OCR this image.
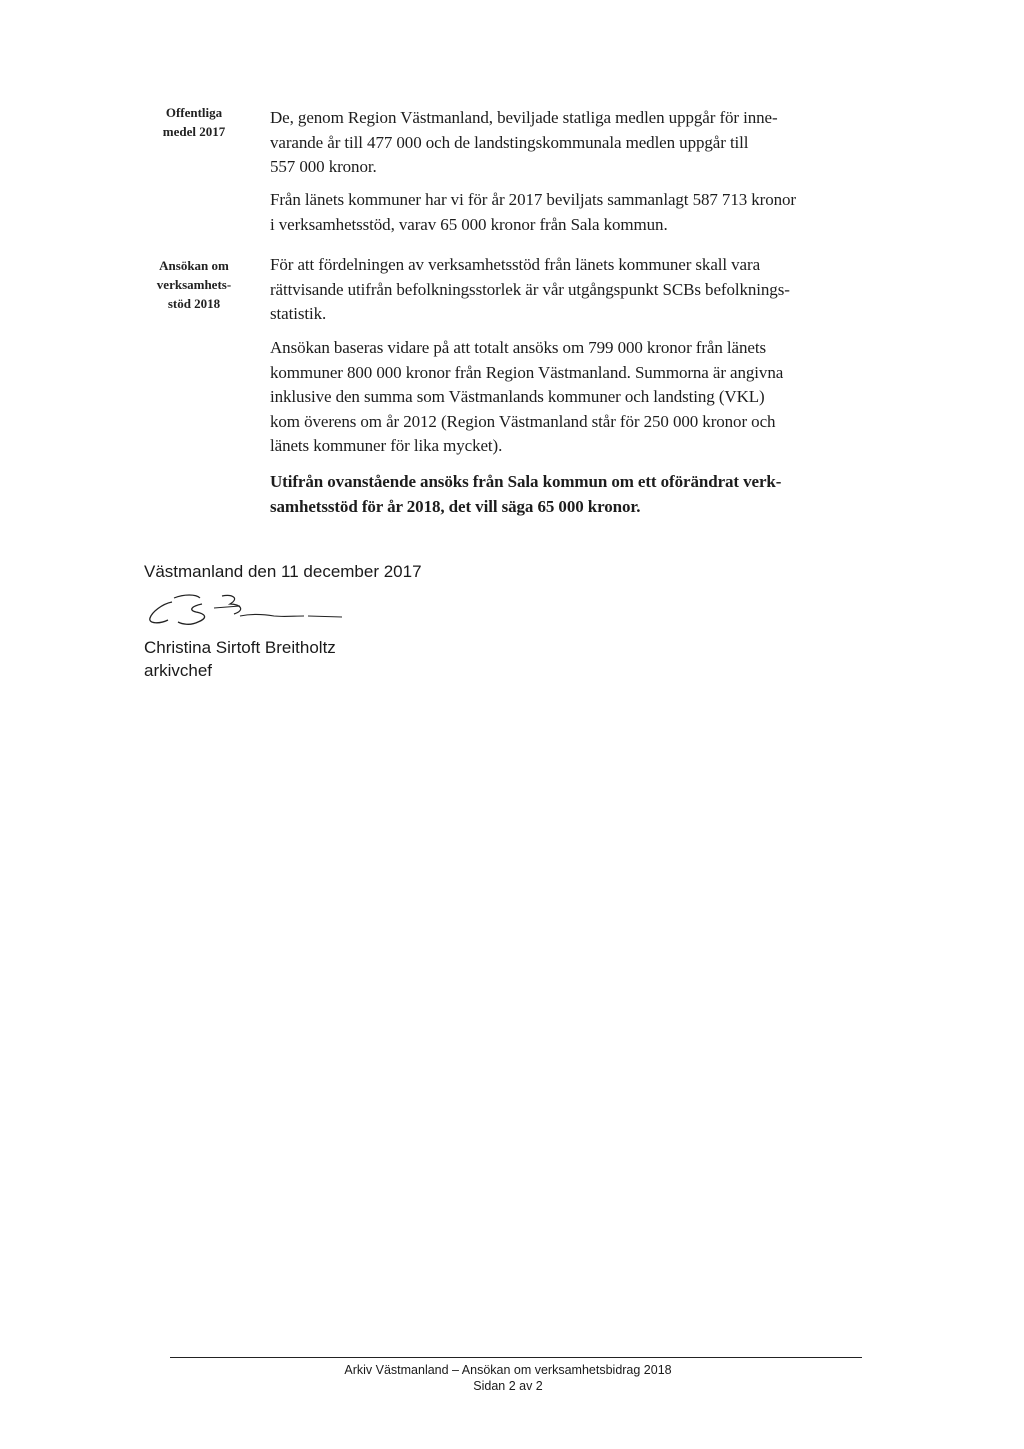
Offentliga
medel 2017
Ansökan om
verksamhets-
stöd 2018
De, genom Region Västmanland, beviljade statliga medlen uppgår för inne-
varande år till 477 000 och de landstingskommunala medlen uppgår till
557 000 kronor.
Från länets kommuner har vi för år 2017 beviljats sammanlagt 587 713 kronor
i verksamhetsstöd, varav 65 000 kronor från Sala kommun.
För att fördelningen av verksamhetsstöd från länets kommuner skall vara
rättvisande utifrån befolkningsstorlek är vår utgångspunkt SCBs befolknings-
statistik.
Ansökan baseras vidare på att totalt ansöks om 799 000 kronor från länets
kommuner 800 000 kronor från Region Västmanland. Summorna är angivna
inklusive den summa som Västmanlands kommuner och landsting (VKL)
kom överens om år 2012 (Region Västmanland står för 250 000 kronor och
länets kommuner för lika mycket).
Utifrån ovanstående ansöks från Sala kommun om ett oförändrat verk-
samhetsstöd för år 2018, det vill säga 65 000 kronor.
Västmanland den 11 december 2017
Christina Sirtoft Breitholtz
arkivchef
Arkiv Västmanland – Ansökan om verksamhetsbidrag 2018
Sidan 2 av 2
